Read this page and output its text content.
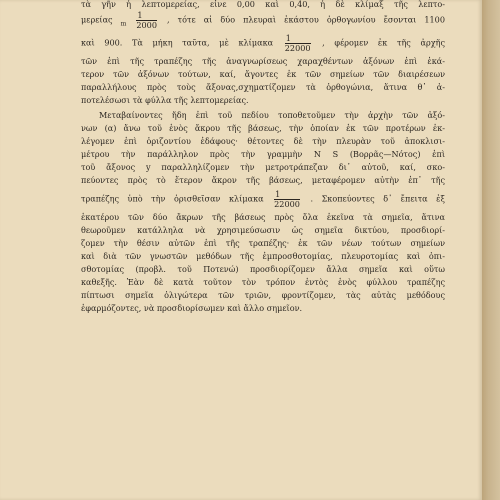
τὰ γῆν ἡ λεπτομερείας, εἶνε 0,00 καὶ 0,40, ἡ δὲ κλίμαξ τῆς λεπτο-
μερείας $_m \frac{1}{2000}$ , τότε αἱ δύο πλευραὶ ἑκάστου ὀρθογωνίου ἔσονται 1100
καὶ 900. Τὰ μήκη ταῦτα, μὲ κλίμακα $\frac{1}{22000}$ , φέρομεν ἐκ τῆς ἀρχῆς
τῶν ἐπὶ τῆς τραπέζης τῆς ἀναγνωρίσεως χαραχθέντων ἀξόνων ἐπὶ ἑκά-
τερον τῶν ἀξόνων τούτων, καί, ἄγοντες ἐκ τῶν σημείων τῶν διαιρέσεων
παραλλήλους πρὸς τοὺς ἄξονας,σχηματίζομεν τὰ ὀρθογώνια, ἅτινα θ᾽ ἀ-
ποτελέσωσι τὰ φύλλα τῆς λεπτομερείας.
Μεταβαίνοντες ἤδη ἐπὶ τοῦ πεδίου τοποθετοῦμεν τὴν ἀρχὴν τῶν ἀξό-
νων (α) ἄνω τοῦ ἑνὸς ἄκρου τῆς βάσεως, τὴν ὁποίαν ἐκ τῶν προτέρων ἐκ-
λέγομεν ἐπὶ ὁριζοντίου ἐδάφους· θέτοντες δὲ τὴν πλευρὰν τοῦ ἀποκλισι-
μέτρου τὴν παράλληλον πρὸς τὴν γραμμὴν N S (Βορρᾶς—Νότος) ἐπὶ
τοῦ ἄξονος y παραλληλίζομεν τὴν μετροτράπεζαν δι᾽ αὐτοῦ, καί, σκο-
πεύοντες πρὸς τὸ ἕτερον ἄκρον τῆς βάσεως, μεταφέρομεν αὐτὴν ἐπ᾽ τῆς
τραπέζης ὑπὸ τὴν ὁρισθεῖσαν κλίμακα $\frac{1}{22000}$ . Σκοπεύοντες δ᾽ ἔπειτα ἐξ
ἑκατέρου τῶν δύο ἄκρων τῆς βάσεως πρὸς ὅλα ἐκεῖνα τὰ σημεῖα, ἅτινα
θεωροῦμεν κατάλληλα νὰ χρησιμεύσωσιν ὡς σημεῖα δικτύου, προσδιορί-
ζομεν τὴν θέσιν αὐτῶν ἐπὶ τῆς τραπέζης· ἐκ τῶν νέων τούτων σημείων
καὶ διὰ τῶν γνωστῶν μεθόδων τῆς ἐμπροσθοτομίας, πλευροτομίας καὶ ὀπι-
σθοτομίας (προβλ. τοῦ Ποτενώ) προσδιορίζομεν ἄλλα σημεῖα καὶ οὕτω
καθεξῆς. Ἐὰν δὲ κατὰ τοῦτον τὸν τρόπον ἐντὸς ἑνὸς φύλλου τραπέζης
πίπτωσι σημεῖα ὀλιγώτερα τῶν τριῶν, φροντίζομεν, τὰς αὐτὰς μεθόδους
ἐφαρμόζοντες, νὰ προσδιορίσωμεν καὶ ἄλλο σημεῖον.
